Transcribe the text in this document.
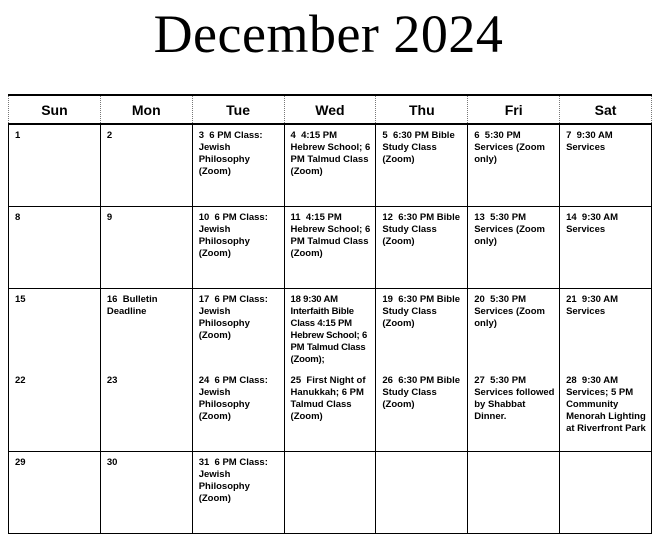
December 2024
Sun	Mon	Tue	Wed	Thu	Fri	Sat
1	2	3 6 PM Class: Jewish Philosophy (Zoom)	4 4:15 PM Hebrew School; 6 PM Talmud Class (Zoom)	5 6:30 PM Bible Study Class (Zoom)	6 5:30 PM Services (Zoom only)	7 9:30 AM Services
8	9	10 6 PM Class: Jewish Philosophy (Zoom)	11 4:15 PM Hebrew School; 6 PM Talmud Class (Zoom)	12 6:30 PM Bible Study Class (Zoom)	13 5:30 PM Services (Zoom only)	14 9:30 AM Services
15	16 Bulletin Deadline	17 6 PM Class: Jewish Philosophy (Zoom)	18 9:30 AM Interfaith Bible Class 4:15 PM Hebrew School; 6 PM Talmud Class (Zoom);	19 6:30 PM Bible Study Class (Zoom)	20 5:30 PM Services (Zoom only)	21 9:30 AM Services
22	23	24 6 PM Class: Jewish Philosophy (Zoom)	25 First Night of Hanukkah; 6 PM Talmud Class (Zoom)	26 6:30 PM Bible Study Class (Zoom)	27 5:30 PM Services followed by Shabbat Dinner.	28 9:30 AM Services; 5 PM Community Menorah Lighting at Riverfront Park
29	30	31 6 PM Class: Jewish Philosophy (Zoom)				
